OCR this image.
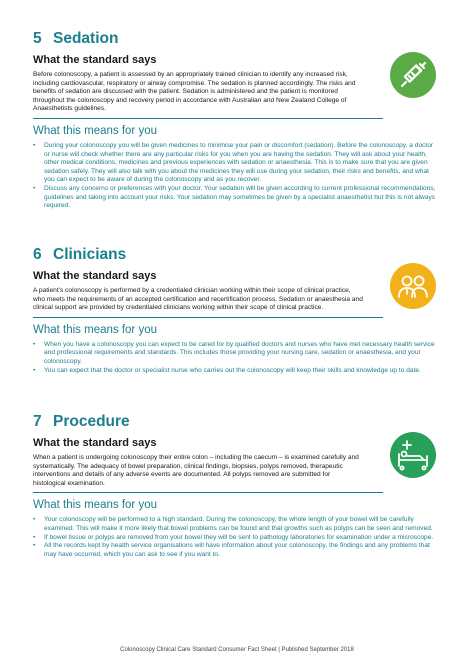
5 Sedation
What the standard says

Before colonoscopy, a patient is assessed by an appropriately trained clinician to identify any increased risk, including cardiovascular, respiratory or airway compromise. The sedation is planned accordingly. The risks and benefits of sedation are discussed with the patient. Sedation is administered and the patient is monitored throughout the colonoscopy and recovery period in accordance with Australian and New Zealand College of Anaesthetists guidelines.

What this means for you
• During your colonoscopy you will be given medicines to minimise your pain or discomfort (sedation). Before the colonoscopy, a doctor or nurse will check whether there are any particular risks for you when you are having the sedation. They will ask about your health, other medical conditions, medicines and previous experiences with sedation or anaesthesia. This is to make sure that you are given sedation safely. They will also talk with you about the medicines they will use during your sedation, their risks and benefits, and what you can expect to be aware of during the colonoscopy and as you recover.
• Discuss any concerns or preferences with your doctor. Your sedation will be given according to current professional recommendations, guidelines and taking into account your risks. Your sedation may sometimes be given by a specialist anaesthetist but this is not always required.
6 Clinicians
What the standard says

A patient’s colonoscopy is performed by a credentialed clinician working within their scope of clinical practice, who meets the requirements of an accepted certification and recertification process. Sedation or anaesthesia and clinical support are provided by credentialed clinicians working within their scope of clinical practice.

What this means for you
• When you have a colonoscopy you can expect to be cared for by qualified doctors and nurses who have met necessary health service and professional requirements and standards. This includes those providing your nursing care, sedation or anaesthesia, and your colonoscopy.
• You can expect that the doctor or specialist nurse who carries out the colonoscopy will keep their skills and knowledge up to date.
7 Procedure
What the standard says

When a patient is undergoing colonoscopy their entire colon – including the caecum – is examined carefully and systematically. The adequacy of bowel preparation, clinical findings, biopsies, polyps removed, therapeutic interventions and details of any adverse events are documented. All polyps removed are submitted for histological examination.

What this means for you
• Your colonoscopy will be performed to a high standard. During the colonoscopy, the whole length of your bowel will be carefully examined. This will make it more likely that bowel problems can be found and that growths such as polyps can be seen and removed.
• If bowel tissue or polyps are removed from your bowel they will be sent to pathology laboratories for examination under a microscope.
• All the records kept by health service organisations will have information about your colonoscopy, the findings and any problems that may have occurred, which you can ask to see if you want to.
Colonoscopy Clinical Care Standard Consumer Fact Sheet | Published September 2018
